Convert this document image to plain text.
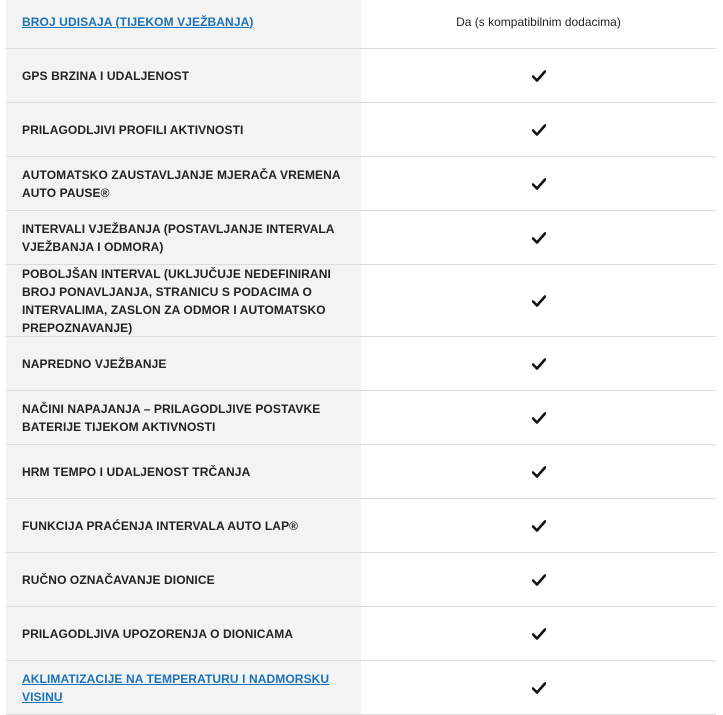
BROJ UDISAJA (TIJEKOM VJEŽBANJA)	Da (s kompatibilnim dodacima)
GPS BRZINA I UDALJENOST
PRILAGODLJIVI PROFILI AKTIVNOSTI
AUTOMATSKO ZAUSTAVLJANJE MJERAČA VREMENA AUTO PAUSE®
INTERVALI VJEŽBANJA (POSTAVLJANJE INTERVALA VJEŽBANJA I ODMORA)
POBOLJŠAN INTERVAL (UKLJUČUJE NEDEFINIRANI BROJ PONAVLJANJA, STRANICU S PODACIMA O INTERVALIMA, ZASLON ZA ODMOR I AUTOMATSKO PREPOZNAVANJE)
NAPREDNO VJEŽBANJE
NAČINI NAPAJANJA – PRILAGODLJIVE POSTAVKE BATERIJE TIJEKOM AKTIVNOSTI
HRM TEMPO I UDALJENOST TRČANJA
FUNKCIJA PRAĆENJA INTERVALA AUTO LAP®
RUČNO OZNAČAVANJE DIONICE
PRILAGODLJIVA UPOZORENJA O DIONICAMA
AKLIMATIZACIJE NA TEMPERATURU I NADMORSKU VISINU
